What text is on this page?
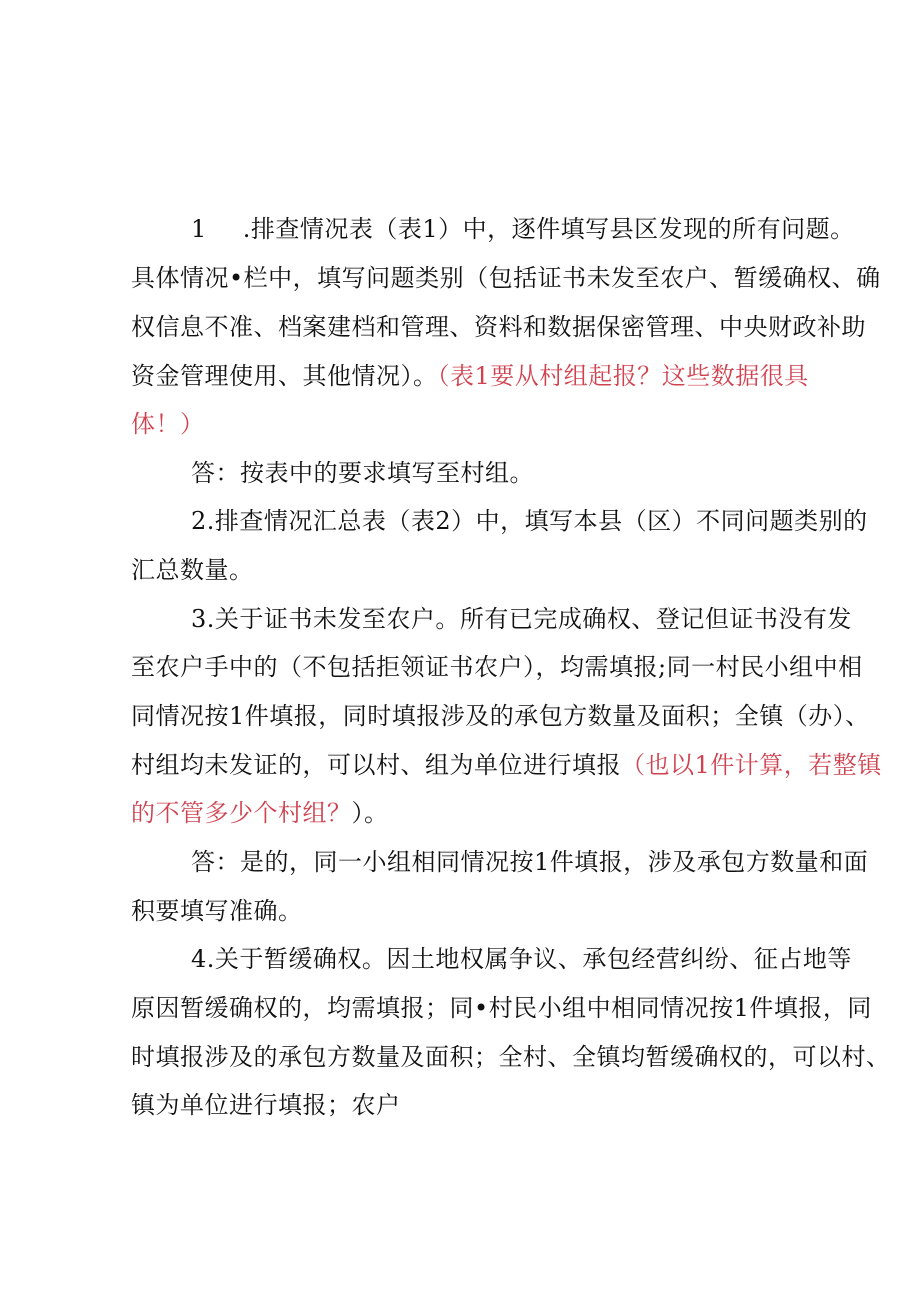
1 .排查情况表（表1）中，逐件填写县区发现的所有问题。
具体情况•栏中，填写问题类别（包括证书未发至农户、暂缓确权、确
权信息不准、档案建档和管理、资料和数据保密管理、中央财政补助
资金管理使用、其他情况）。（表1要从村组起报？这些数据很具
体！）
答：按表中的要求填写至村组。
2.排查情况汇总表（表2）中，填写本县（区）不同问题类别的
汇总数量。
3.关于证书未发至农户。所有已完成确权、登记但证书没有发
至农户手中的（不包括拒领证书农户），均需填报;同一村民小组中相
同情况按1件填报，同时填报涉及的承包方数量及面积；全镇（办）、
村组均未发证的，可以村、组为单位进行填报（也以1件计算，若整镇
的不管多少个村组？）。
答：是的，同一小组相同情况按1件填报，涉及承包方数量和面
积要填写准确。
4.关于暂缓确权。因土地权属争议、承包经营纠纷、征占地等
原因暂缓确权的，均需填报；同•村民小组中相同情况按1件填报，同
时填报涉及的承包方数量及面积；全村、全镇均暂缓确权的，可以村、
镇为单位进行填报；农户
